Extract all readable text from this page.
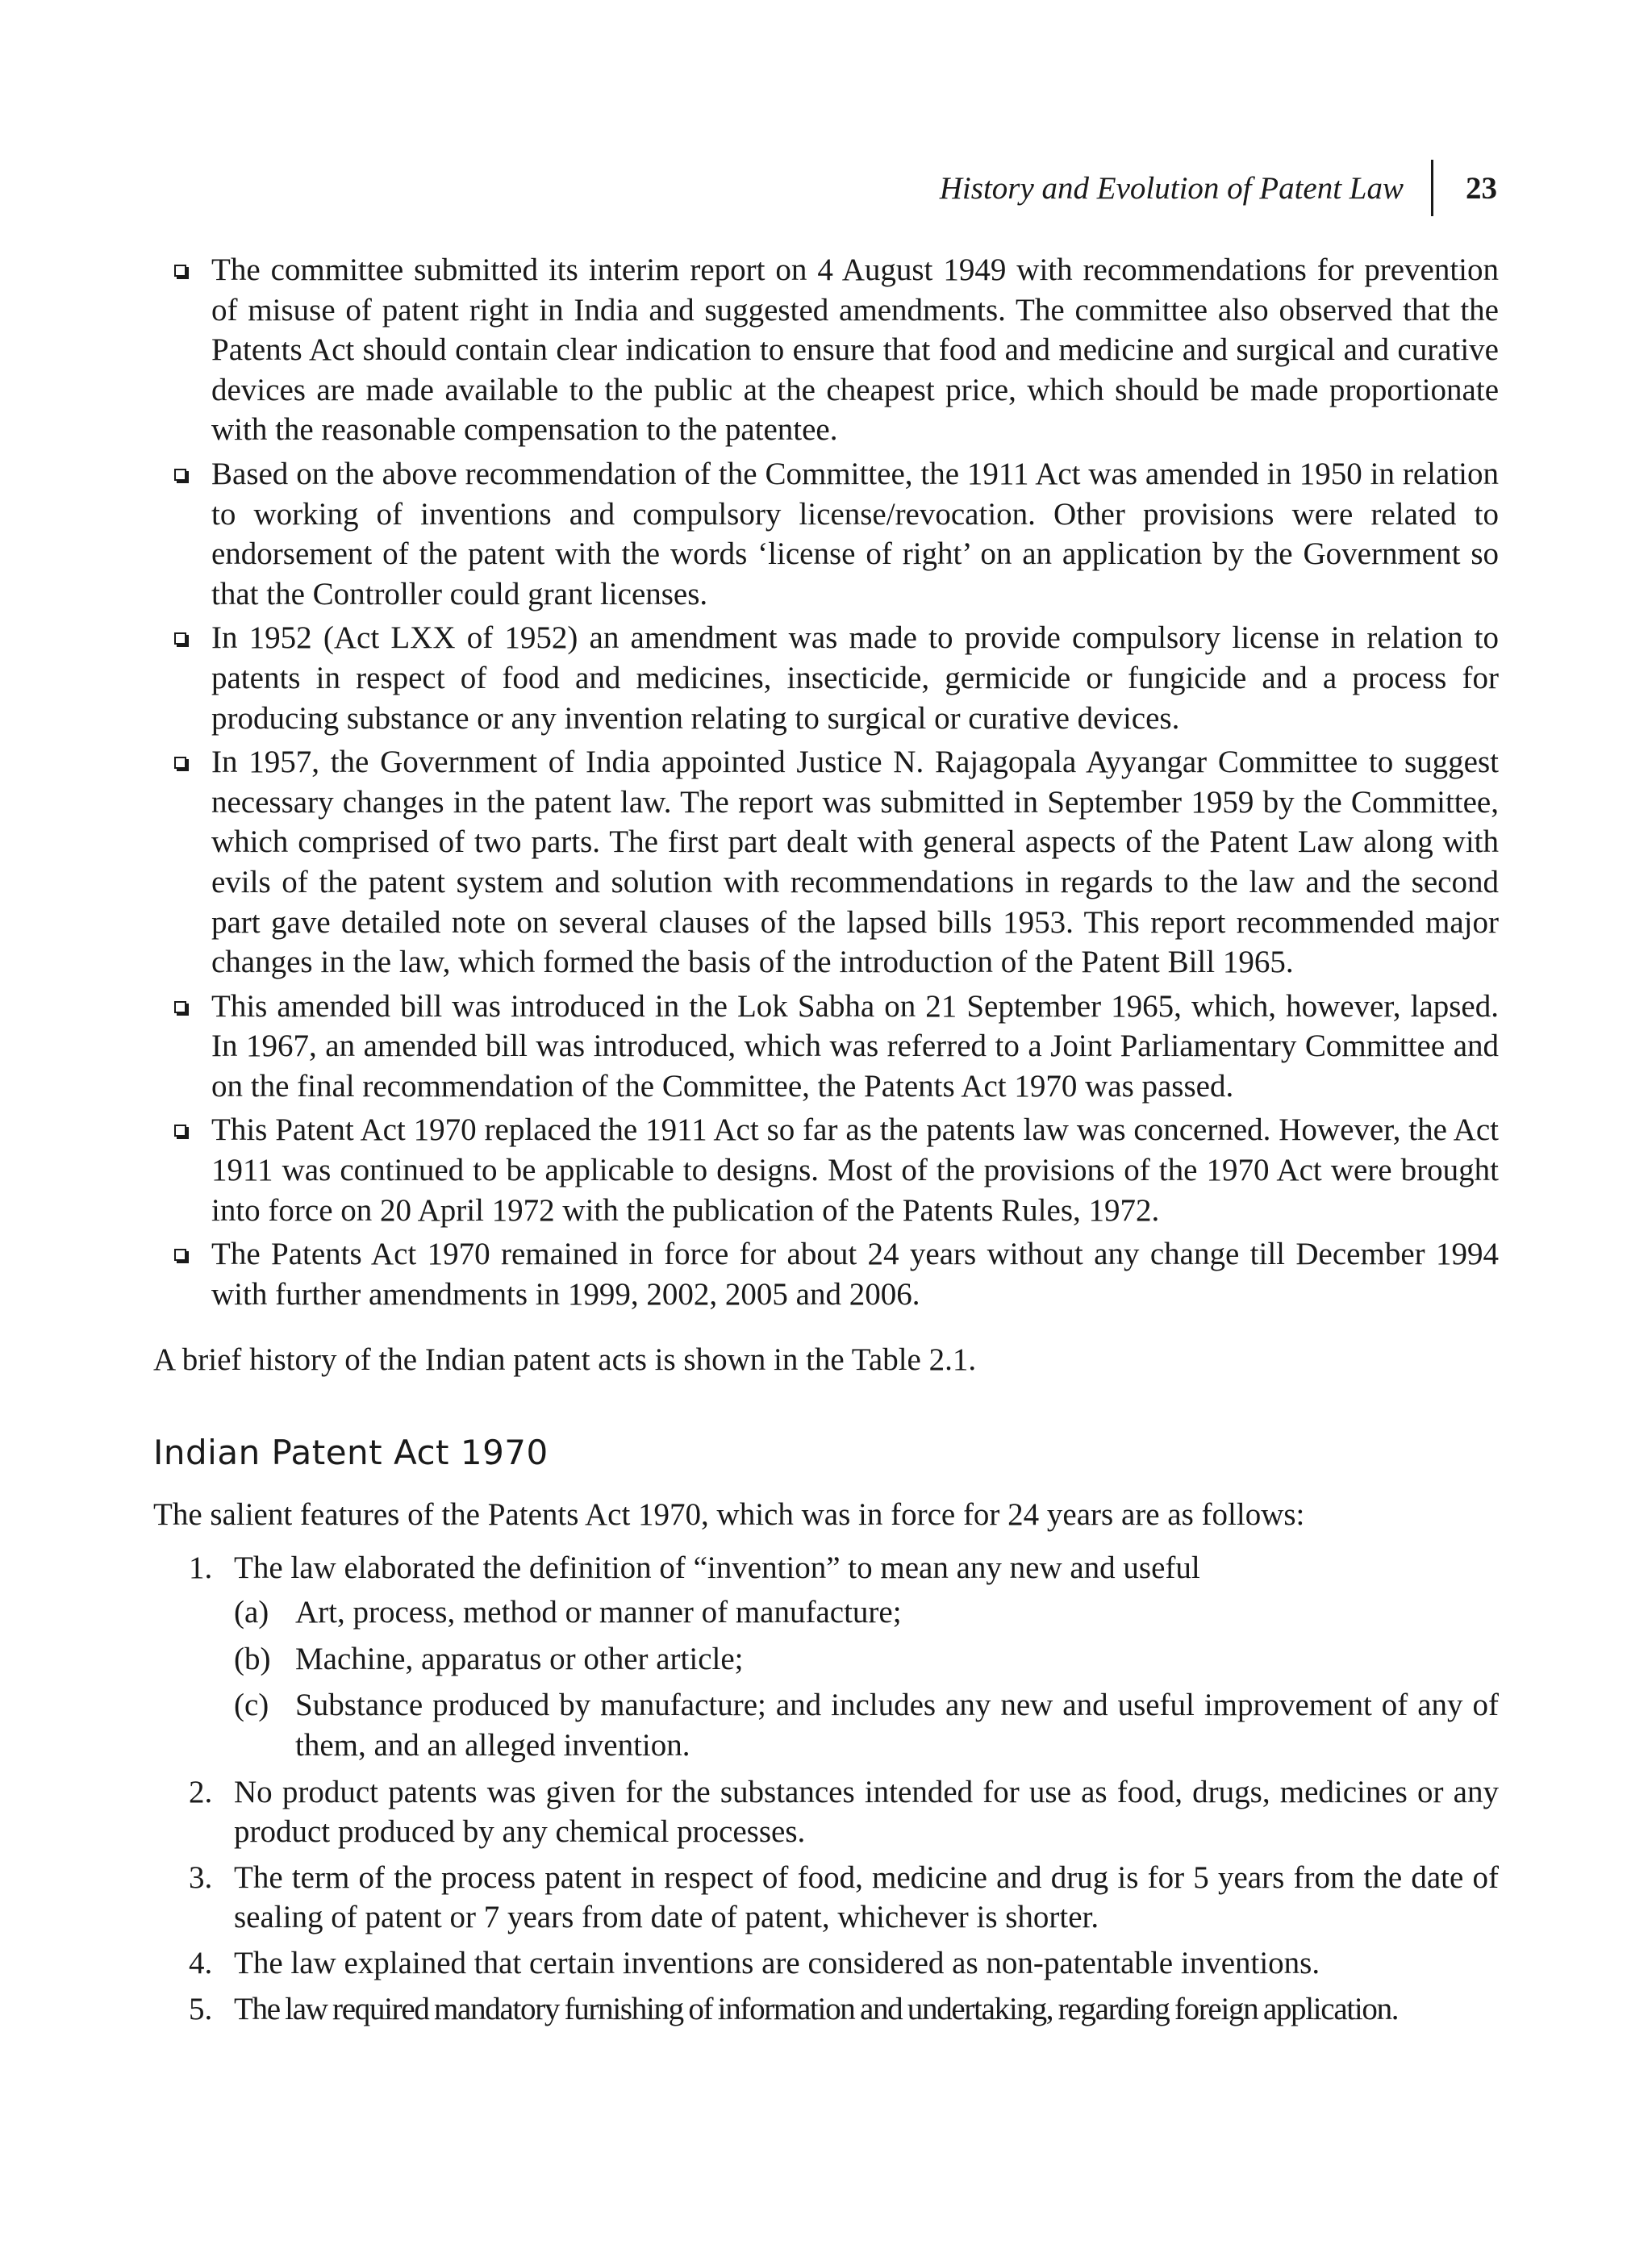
History and Evolution of Patent Law	23
The committee submitted its interim report on 4 August 1949 with recommendations for prevention of misuse of patent right in India and suggested amendments. The committee also observed that the Patents Act should contain clear indication to ensure that food and medicine and surgical and curative devices are made available to the public at the cheapest price, which should be made proportionate with the reasonable compensation to the patentee.
Based on the above recommendation of the Committee, the 1911 Act was amended in 1950 in relation to working of inventions and compulsory license/revocation. Other provisions were related to endorsement of the patent with the words ‘license of right’ on an application by the Government so that the Controller could grant licenses.
In 1952 (Act LXX of 1952) an amendment was made to provide compulsory license in relation to patents in respect of food and medicines, insecticide, germicide or fungicide and a process for producing substance or any invention relating to surgical or curative devices.
In 1957, the Government of India appointed Justice N. Rajagopala Ayyangar Committee to suggest necessary changes in the patent law. The report was submitted in September 1959 by the Committee, which comprised of two parts. The first part dealt with general aspects of the Patent Law along with evils of the patent system and solution with recommendations in regards to the law and the second part gave detailed note on several clauses of the lapsed bills 1953. This report recommended major changes in the law, which formed the basis of the introduction of the Patent Bill 1965.
This amended bill was introduced in the Lok Sabha on 21 September 1965, which, however, lapsed. In 1967, an amended bill was introduced, which was referred to a Joint Parliamentary Committee and on the final recommendation of the Committee, the Patents Act 1970 was passed.
This Patent Act 1970 replaced the 1911 Act so far as the patents law was concerned. However, the Act 1911 was continued to be applicable to designs. Most of the provisions of the 1970 Act were brought into force on 20 April 1972 with the publication of the Patents Rules, 1972.
The Patents Act 1970 remained in force for about 24 years without any change till December 1994 with further amendments in 1999, 2002, 2005 and 2006.

A brief history of the Indian patent acts is shown in the Table 2.1.

Indian Patent Act 1970

The salient features of the Patents Act 1970, which was in force for 24 years are as follows:

1. The law elaborated the definition of “invention” to mean any new and useful
(a) Art, process, method or manner of manufacture;
(b) Machine, apparatus or other article;
(c) Substance produced by manufacture; and includes any new and useful improvement of any of them, and an alleged invention.
2. No product patents was given for the substances intended for use as food, drugs, medicines or any product produced by any chemical processes.
3. The term of the process patent in respect of food, medicine and drug is for 5 years from the date of sealing of patent or 7 years from date of patent, whichever is shorter.
4. The law explained that certain inventions are considered as non-patentable inventions.
5. The law required mandatory furnishing of information and undertaking, regarding foreign application.
